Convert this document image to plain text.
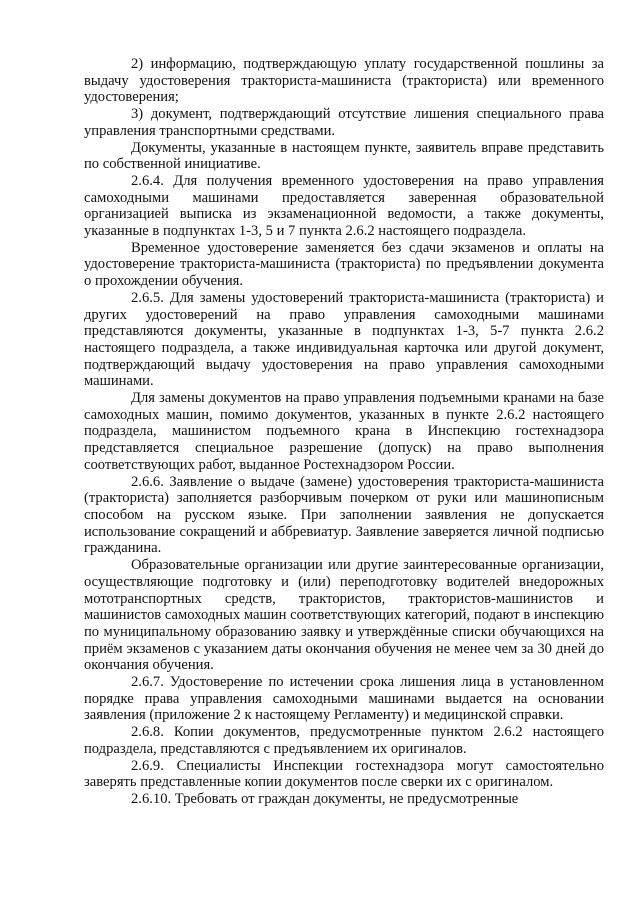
2) информацию, подтверждающую уплату государственной пошлины за выдачу удостоверения тракториста-машиниста (тракториста) или временного удостоверения;

3) документ, подтверждающий отсутствие лишения специального права управления транспортными средствами.

Документы, указанные в настоящем пункте, заявитель вправе представить по собственной инициативе.

2.6.4. Для получения временного удостоверения на право управления самоходными машинами предоставляется заверенная образовательной организацией выписка из экзаменационной ведомости, а также документы, указанные в подпунктах 1-3, 5 и 7 пункта 2.6.2 настоящего подраздела.

Временное удостоверение заменяется без сдачи экзаменов и оплаты на удостоверение тракториста-машиниста (тракториста) по предъявлении документа о прохождении обучения.

2.6.5. Для замены удостоверений тракториста-машиниста (тракториста) и других удостоверений на право управления самоходными машинами представляются документы, указанные в подпунктах 1-3, 5-7 пункта 2.6.2 настоящего подраздела, а также индивидуальная карточка или другой документ, подтверждающий выдачу удостоверения на право управления самоходными машинами.

Для замены документов на право управления подъемными кранами на базе самоходных машин, помимо документов, указанных в пункте 2.6.2 настоящего подраздела, машинистом подъемного крана в Инспекцию гостехнадзора представляется специальное разрешение (допуск) на право выполнения соответствующих работ, выданное Ростехнадзором России.

2.6.6. Заявление о выдаче (замене) удостоверения тракториста-машиниста (тракториста) заполняется разборчивым почерком от руки или машинописным способом на русском языке. При заполнении заявления не допускается использование сокращений и аббревиатур. Заявление заверяется личной подписью гражданина.

Образовательные организации или другие заинтересованные организации, осуществляющие подготовку и (или) переподготовку водителей внедорожных мототранспортных средств, трактористов, трактористов-машинистов и машинистов самоходных машин соответствующих категорий, подают в инспекцию по муниципальному образованию заявку и утверждённые списки обучающихся на приём экзаменов с указанием даты окончания обучения не менее чем за 30 дней до окончания обучения.

2.6.7. Удостоверение по истечении срока лишения лица в установленном порядке права управления самоходными машинами выдается на основании заявления (приложение 2 к настоящему Регламенту) и медицинской справки.

2.6.8. Копии документов, предусмотренные пунктом 2.6.2 настоящего подраздела, представляются с предъявлением их оригиналов.

2.6.9. Специалисты Инспекции гостехнадзора могут самостоятельно заверять представленные копии документов после сверки их с оригиналом.

2.6.10. Требовать от граждан документы, не предусмотренные
